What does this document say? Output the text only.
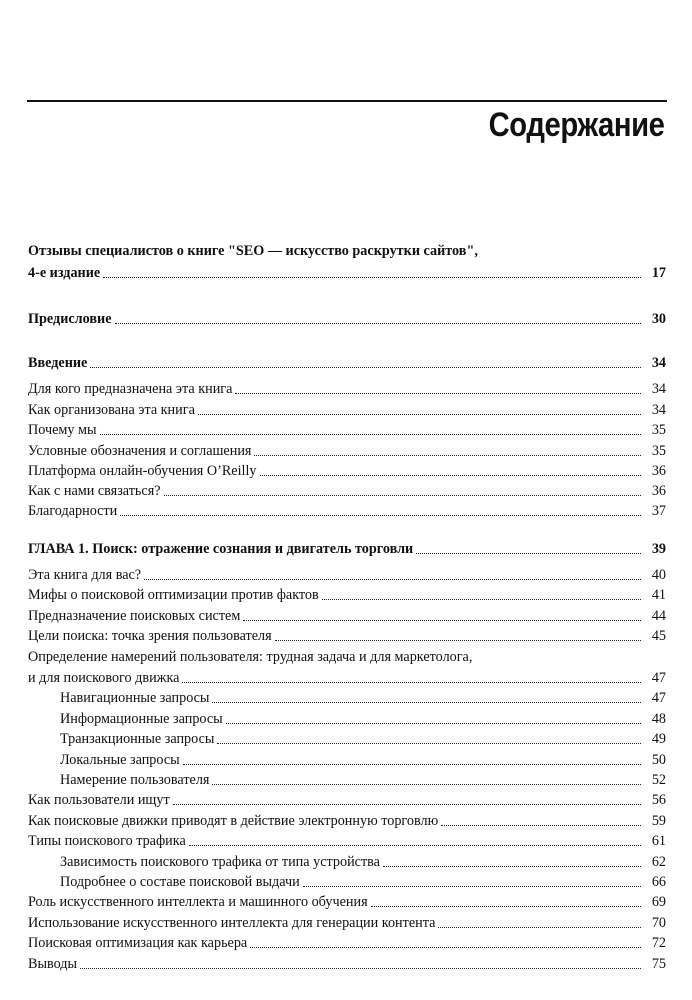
Содержание
Отзывы специалистов о книге "SEO — искусство раскрутки сайтов",
4-е издание	17
Предисловие	30
Введение	34
Для кого предназначена эта книга	34
Как организована эта книга	34
Почему мы	35
Условные обозначения и соглашения	35
Платформа онлайн-обучения O’Reilly	36
Как с нами связаться?	36
Благодарности	37
ГЛАВА 1. Поиск: отражение сознания и двигатель торговли	39
Эта книга для вас?	40
Мифы о поисковой оптимизации против фактов	41
Предназначение поисковых систем	44
Цели поиска: точка зрения пользователя	45
Определение намерений пользователя: трудная задача и для маркетолога,
и для поискового движка	47
Навигационные запросы	47
Информационные запросы	48
Транзакционные запросы	49
Локальные запросы	50
Намерение пользователя	52
Как пользователи ищут	56
Как поисковые движки приводят в действие электронную торговлю	59
Типы поискового трафика	61
Зависимость поискового трафика от типа устройства	62
Подробнее о составе поисковой выдачи	66
Роль искусственного интеллекта и машинного обучения	69
Использование искусственного интеллекта для генерации контента	70
Поисковая оптимизация как карьера	72
Выводы	75
